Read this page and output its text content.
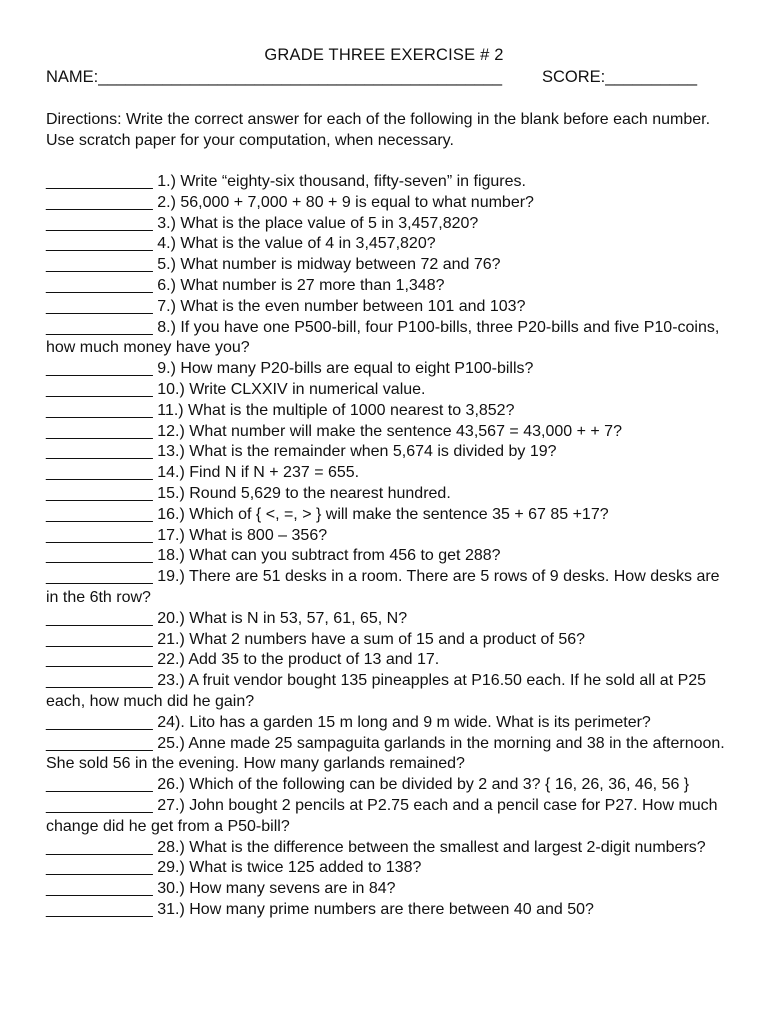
GRADE THREE EXERCISE # 2
NAME:____________________________________________ SCORE:__________
Directions: Write the correct answer for each of the following in the blank before each number. Use scratch paper for your computation, when necessary.

____________ 1.) Write “eighty-six thousand, fifty-seven” in figures.

____________ 2.) 56,000 + 7,000 + 80 + 9 is equal to what number?

____________ 3.) What is the place value of 5 in 3,457,820?

____________ 4.) What is the value of 4 in 3,457,820?

____________ 5.) What number is midway between 72 and 76?

____________ 6.) What number is 27 more than 1,348?

____________ 7.) What is the even number between 101 and 103?

____________ 8.) If you have one P500-bill, four P100-bills, three P20-bills and five P10-coins, how much money have you?

____________ 9.) How many P20-bills are equal to eight P100-bills?

____________ 10.) Write CLXXIV in numerical value.

____________ 11.) What is the multiple of 1000 nearest to 3,852?

____________ 12.) What number will make the sentence 43,567 = 43,000 + + 7?

____________ 13.) What is the remainder when 5,674 is divided by 19?

____________ 14.) Find N if N + 237 = 655.

____________ 15.) Round 5,629 to the nearest hundred.

____________ 16.) Which of { <, =, > } will make the sentence 35 + 67 85 +17?

____________ 17.) What is 800 – 356?

____________ 18.) What can you subtract from 456 to get 288?

____________ 19.) There are 51 desks in a room. There are 5 rows of 9 desks. How desks are in the 6th row?

____________ 20.) What is N in 53, 57, 61, 65, N?

____________ 21.) What 2 numbers have a sum of 15 and a product of 56?

____________ 22.) Add 35 to the product of 13 and 17.

____________ 23.) A fruit vendor bought 135 pineapples at P16.50 each. If he sold all at P25 each, how much did he gain?

____________ 24). Lito has a garden 15 m long and 9 m wide. What is its perimeter?

____________ 25.) Anne made 25 sampaguita garlands in the morning and 38 in the afternoon. She sold 56 in the evening. How many garlands remained?

____________ 26.) Which of the following can be divided by 2 and 3? { 16, 26, 36, 46, 56 }

____________ 27.) John bought 2 pencils at P2.75 each and a pencil case for P27. How much change did he get from a P50-bill?

____________ 28.) What is the difference between the smallest and largest 2-digit numbers?

____________ 29.) What is twice 125 added to 138?

____________ 30.) How many sevens are in 84?

____________ 31.) How many prime numbers are there between 40 and 50?
